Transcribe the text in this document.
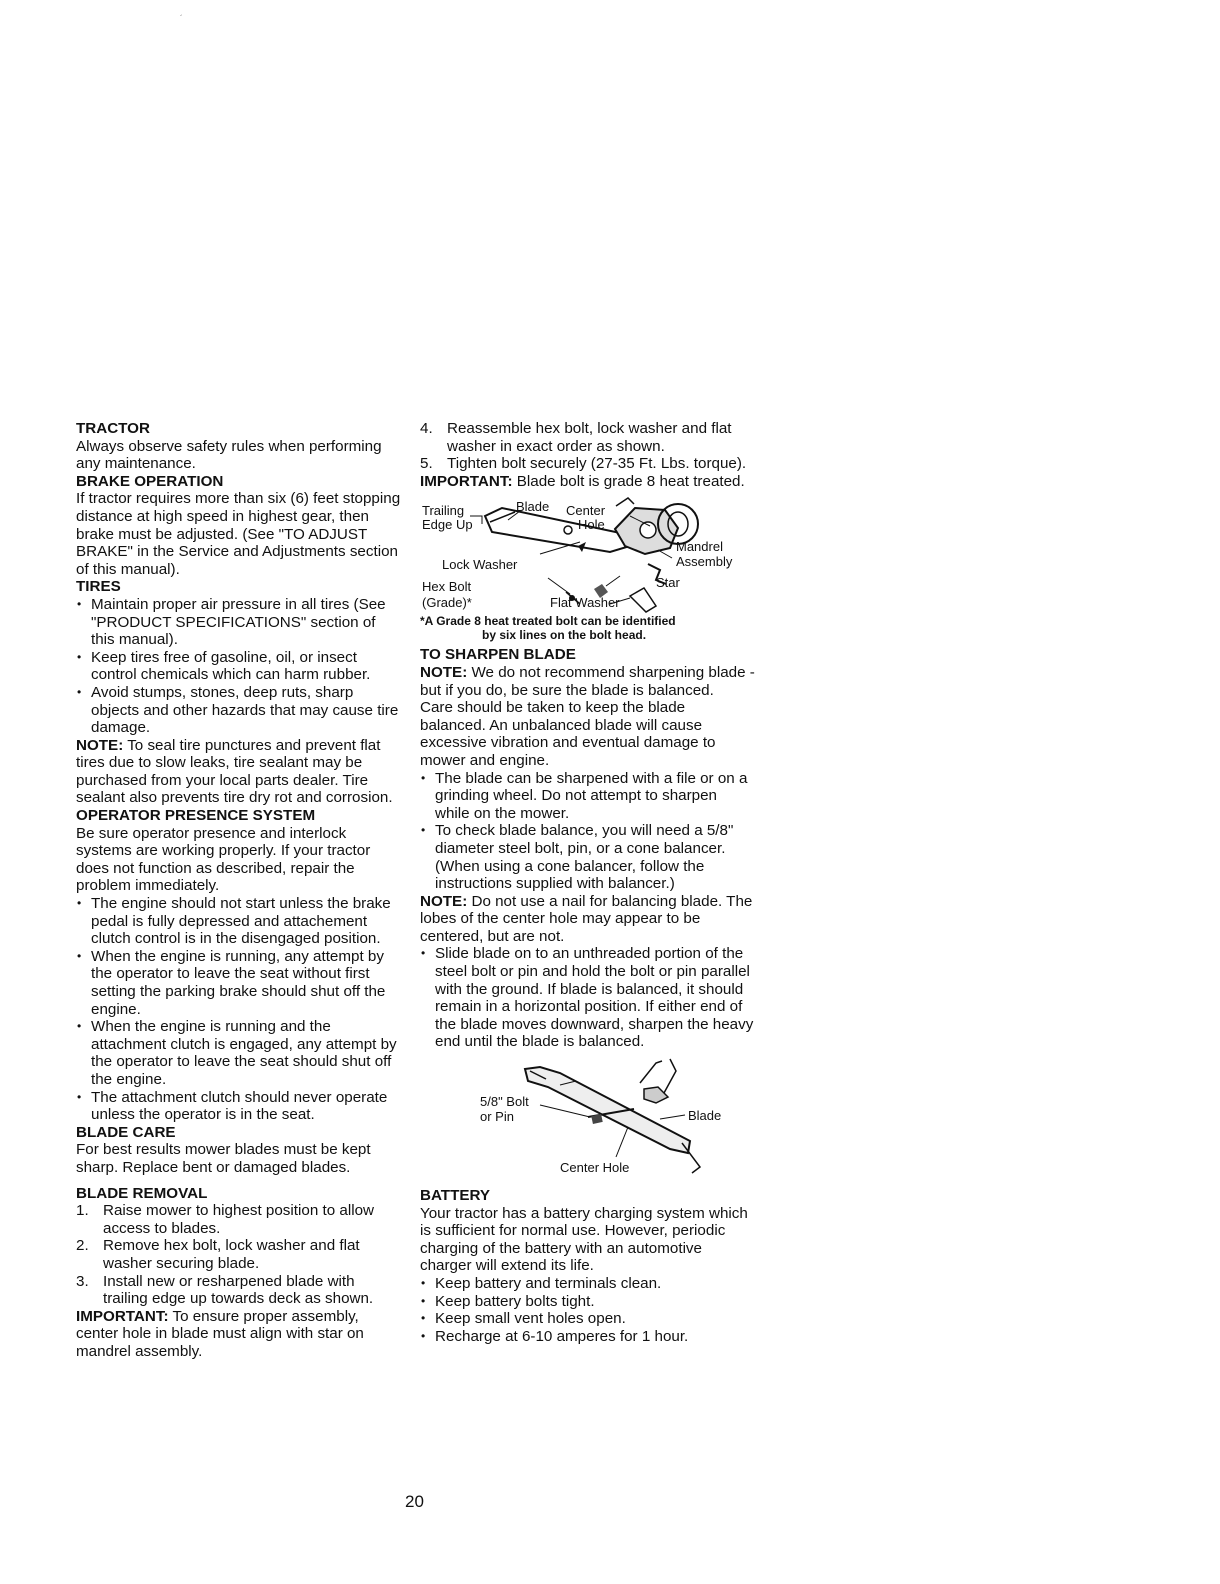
´
TRACTOR

Always observe safety rules when performing any maintenance.

BRAKE OPERATION

If tractor requires more than six (6) feet stopping distance at high speed in highest gear, then brake must be adjusted. (See "TO ADJUST BRAKE" in the Service and Adjustments section of this manual).

TIRES
• Maintain proper air pressure in all tires (See "PRODUCT SPECIFICATIONS" section of this manual).
• Keep tires free of gasoline, oil, or insect control chemicals which can harm rubber.
• Avoid stumps, stones, deep ruts, sharp objects and other hazards that may cause tire damage.

NOTE: To seal tire punctures and prevent flat tires due to slow leaks, tire sealant may be purchased from your local parts dealer. Tire sealant also prevents tire dry rot and corrosion.

OPERATOR PRESENCE SYSTEM

Be sure operator presence and interlock systems are working properly. If your tractor does not function as described, repair the problem immediately.

• The engine should not start unless the brake pedal is fully depressed and attachement clutch control is in the disengaged position.
• When the engine is running, any attempt by the operator to leave the seat without first setting the parking brake should shut off the engine.
• When the engine is running and the attachment clutch is engaged, any attempt by the operator to leave the seat should shut off the engine.
• The attachment clutch should never operate unless the operator is in the seat.
BLADE CARE

For best results mower blades must be kept sharp. Replace bent or damaged blades.

BLADE REMOVAL
1. Raise mower to highest position to allow access to blades.
2. Remove hex bolt, lock washer and flat washer securing blade.
3. Install new or resharpened blade with trailing edge up towards deck as shown.

IMPORTANT: To ensure proper assembly, center hole in blade must align with star on mandrel assembly.

4. Reassemble hex bolt, lock washer and flat washer in exact order as shown.
5. Tighten bolt securely (27-35 Ft. Lbs. torque).

IMPORTANT: Blade bolt is grade 8 heat treated.

Trailing
Edge Up
Blade Center
Hole
Mandrel
Assembly
Lock Washer
Star
Hex Bolt
(Grade)*	Flat Washer
*A Grade 8 heat treated bolt can be identified
by six lines on the bolt head.
TO SHARPEN BLADE

NOTE: We do not recommend sharpening blade - but if you do, be sure the blade is balanced.

Care should be taken to keep the blade balanced. An unbalanced blade will cause excessive vibration and eventual damage to mower and engine.

• The blade can be sharpened with a file or on a grinding wheel. Do not attempt to sharpen while on the mower.
• To check blade balance, you will need a 5/8" diameter steel bolt, pin, or a cone balancer. (When using a cone balancer, follow the instructions supplied with balancer.)

NOTE: Do not use a nail for balancing blade. The lobes of the center hole may appear to be centered, but are not.

• Slide blade on to an unthreaded portion of the steel bolt or pin and hold the bolt or pin parallel with the ground. If blade is balanced, it should remain in a horizontal position. If either end of the blade moves downward, sharpen the heavy end until the blade is balanced.
5/8" Bolt
or Pin	Blade
Center Hole
BATTERY

Your tractor has a battery charging system which is sufficient for normal use. However, periodic charging of the battery with an automotive charger will extend its life.

• Keep battery and terminals clean.
• Keep battery bolts tight.
• Keep small vent holes open.
• Recharge at 6-10 amperes for 1 hour.
20
